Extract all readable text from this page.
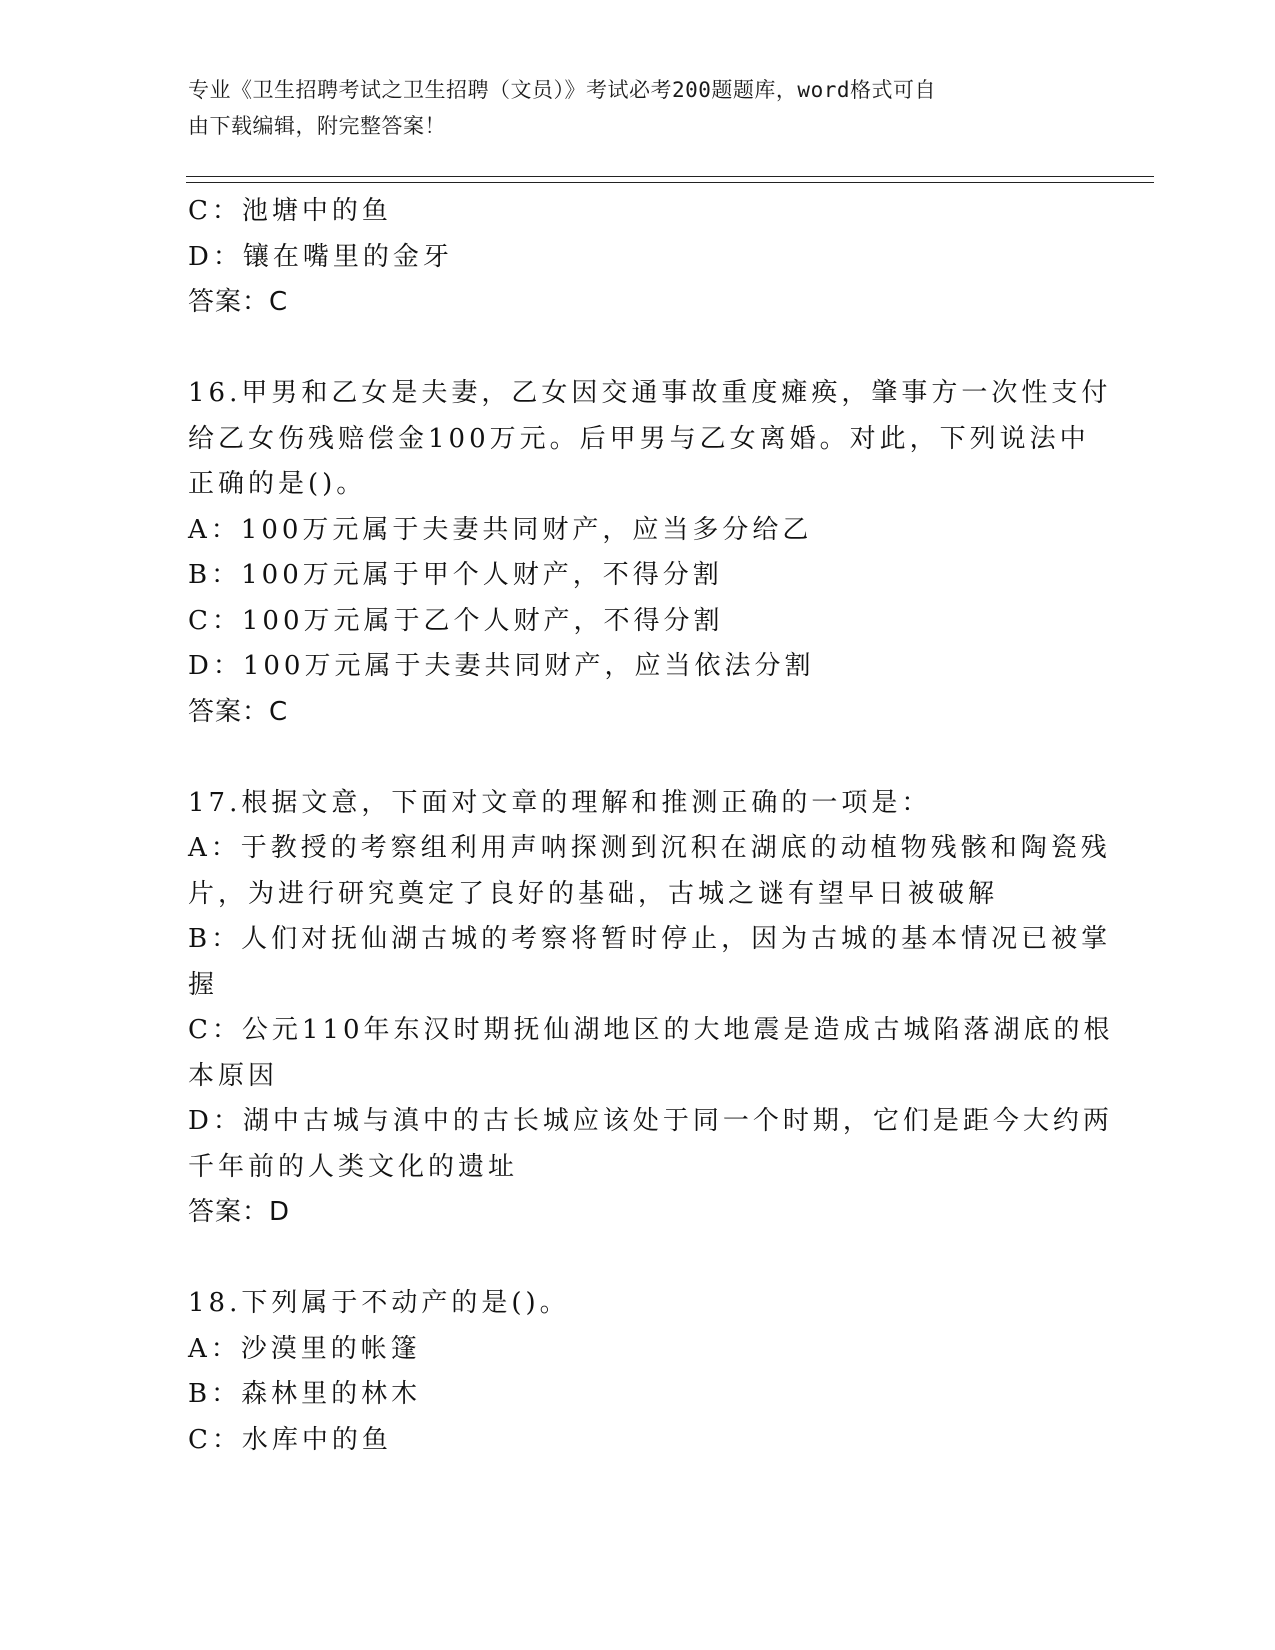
专业《卫生招聘考试之卫生招聘（文员）》考试必考200题题库，word格式可自
由下载编辑，附完整答案！
C：池塘中的鱼
D：镶在嘴里的金牙
答案：C
16.甲男和乙女是夫妻，乙女因交通事故重度瘫痪，肇事方一次性支付
给乙女伤残赔偿金100万元。后甲男与乙女离婚。对此，下列说法中
正确的是()。
A：100万元属于夫妻共同财产，应当多分给乙
B：100万元属于甲个人财产，不得分割
C：100万元属于乙个人财产，不得分割
D：100万元属于夫妻共同财产，应当依法分割
答案：C
17.根据文意，下面对文章的理解和推测正确的一项是：
A：于教授的考察组利用声呐探测到沉积在湖底的动植物残骸和陶瓷残
片，为进行研究奠定了良好的基础，古城之谜有望早日被破解
B：人们对抚仙湖古城的考察将暂时停止，因为古城的基本情况已被掌
握
C：公元110年东汉时期抚仙湖地区的大地震是造成古城陷落湖底的根
本原因
D：湖中古城与滇中的古长城应该处于同一个时期，它们是距今大约两
千年前的人类文化的遗址
答案：D
18.下列属于不动产的是()。
A：沙漠里的帐篷
B：森林里的林木
C：水库中的鱼
